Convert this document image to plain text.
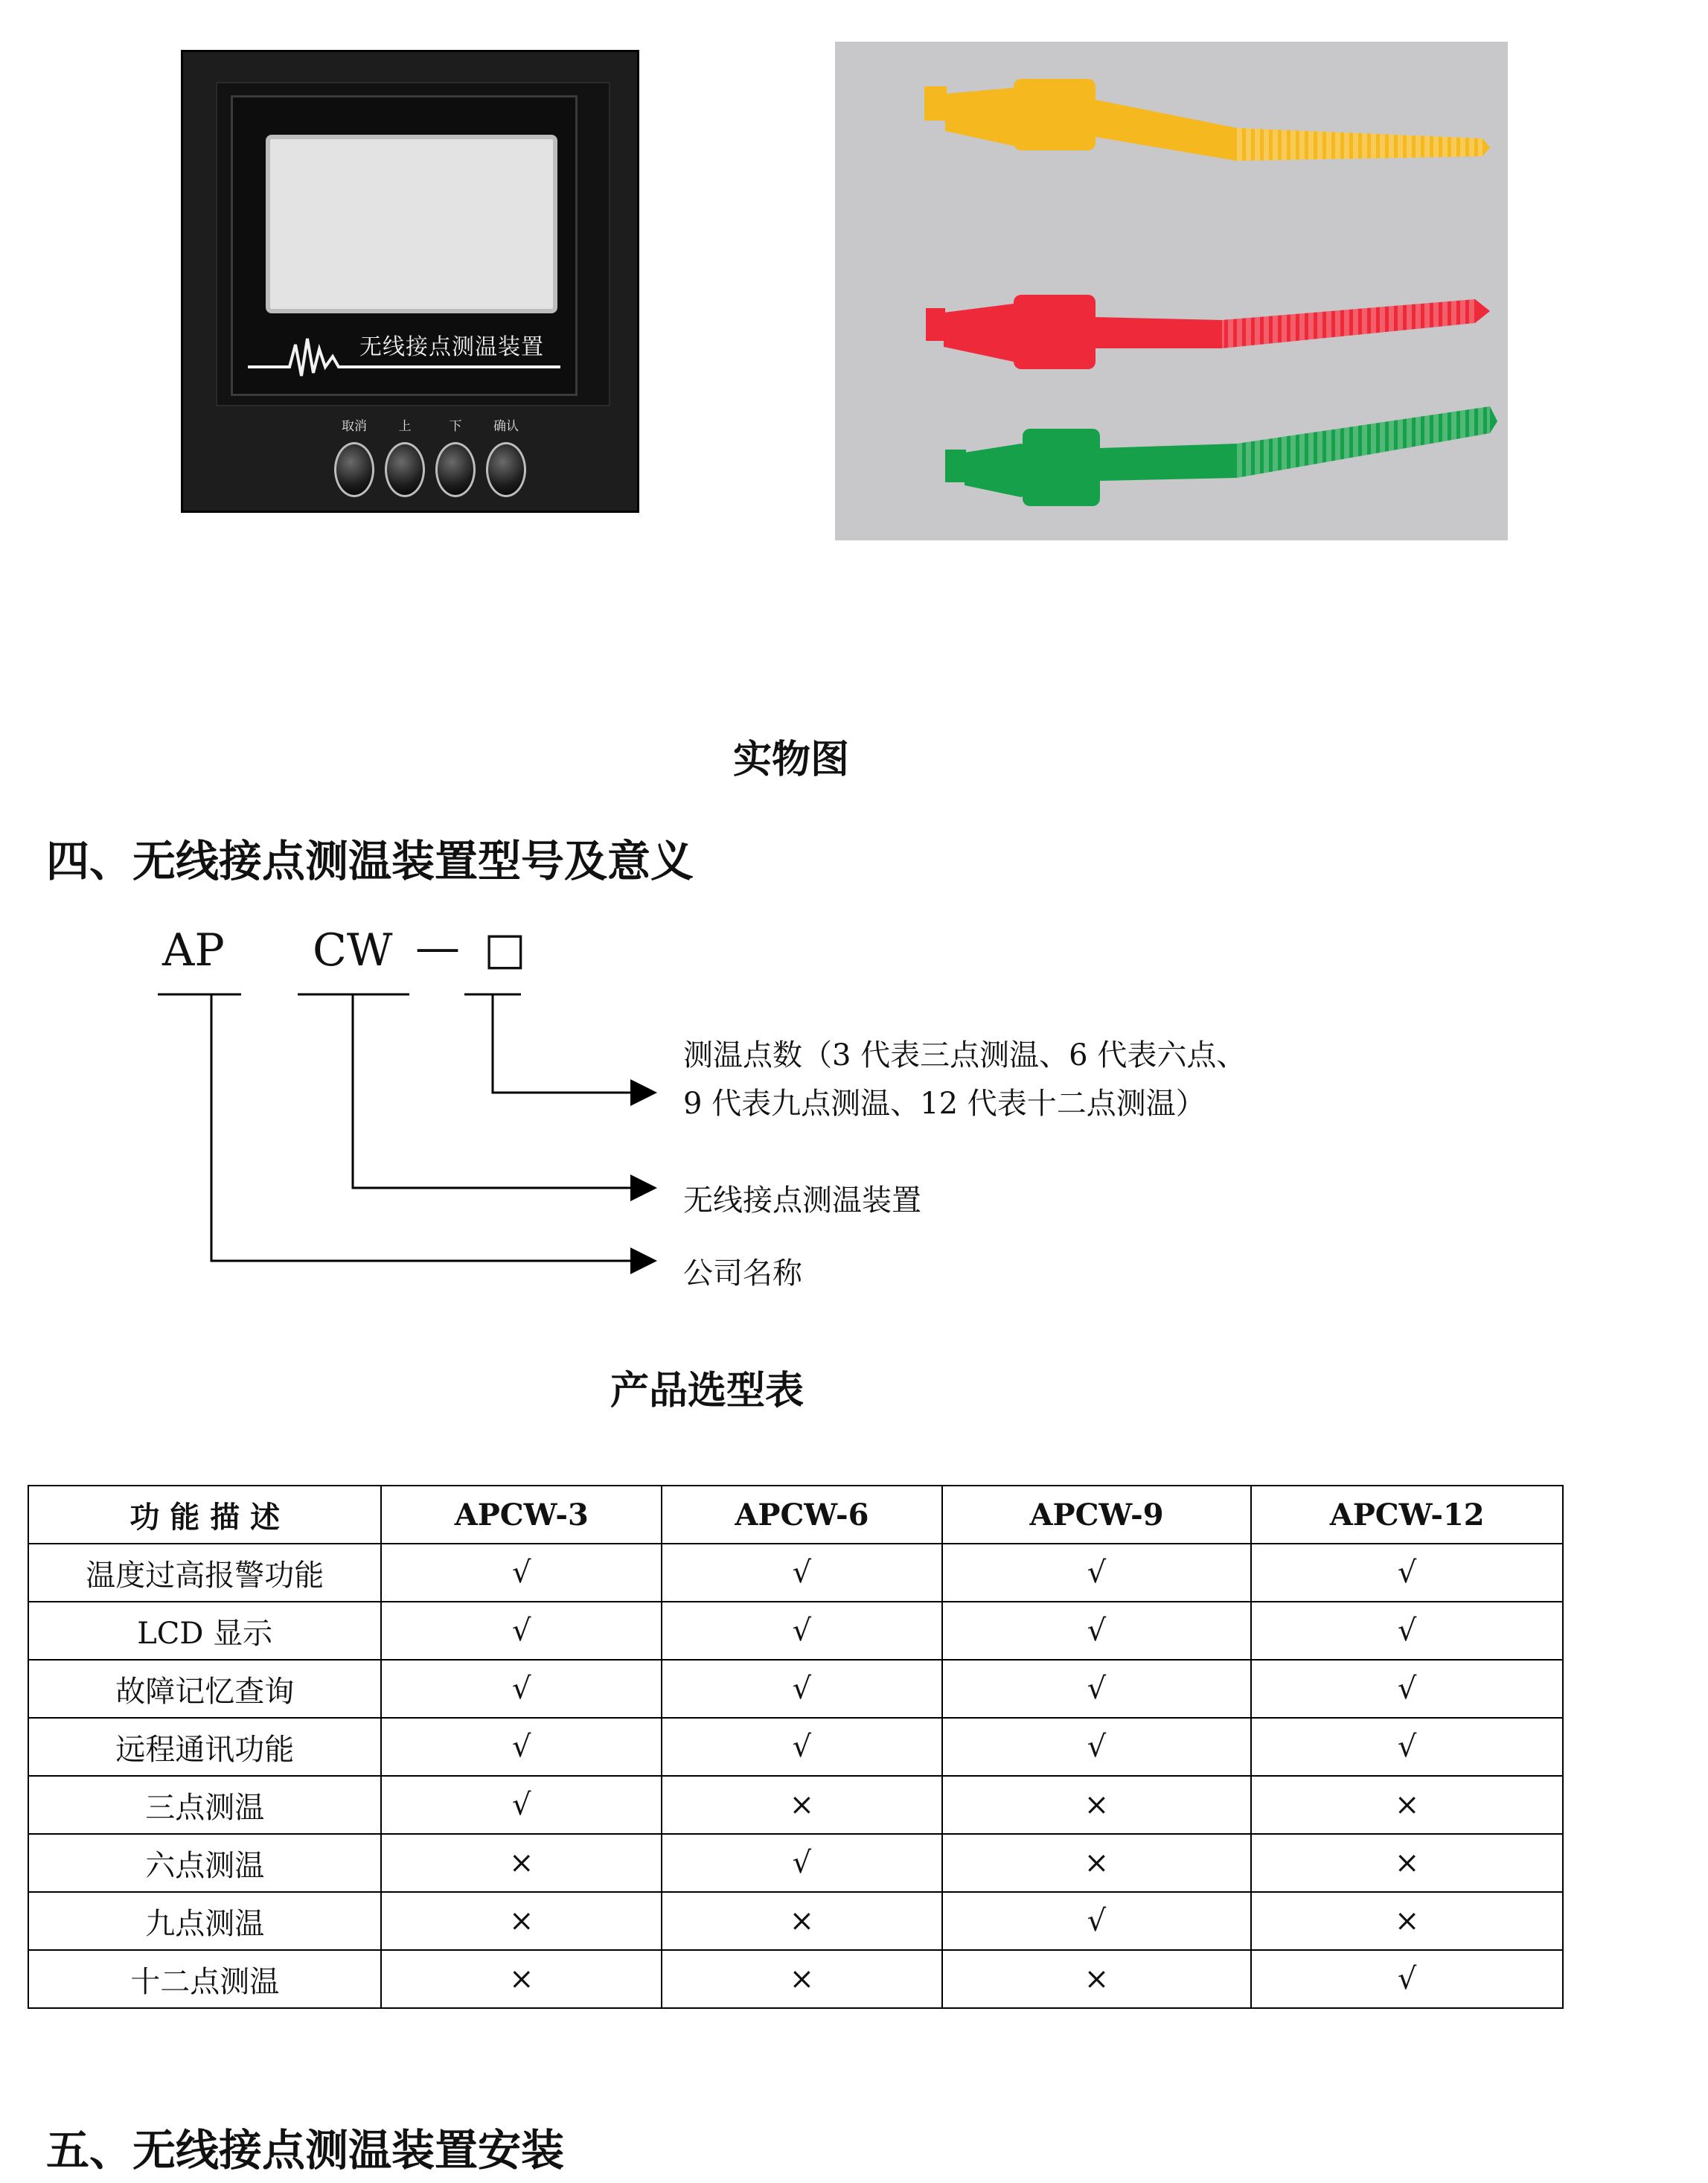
无线接点测温装置
取消	上	下	确认
实物图
四、无线接点测温装置型号及意义
AP CW — □
测温点数（3 代表三点测温、6 代表六点、
9 代表九点测温、12 代表十二点测温）
无线接点测温装置
公司名称
产品选型表
功 能 描 述	APCW-3	APCW-6	APCW-9	APCW-12
温度过高报警功能	√	√	√	√
LCD 显示	√	√	√	√
故障记忆查询	√	√	√	√
远程通讯功能	√	√	√	√
三点测温	√	×	×	×
六点测温	×	√	×	×
九点测温	×	×	√	×
十二点测温	×	×	×	√
五、无线接点测温装置安装
